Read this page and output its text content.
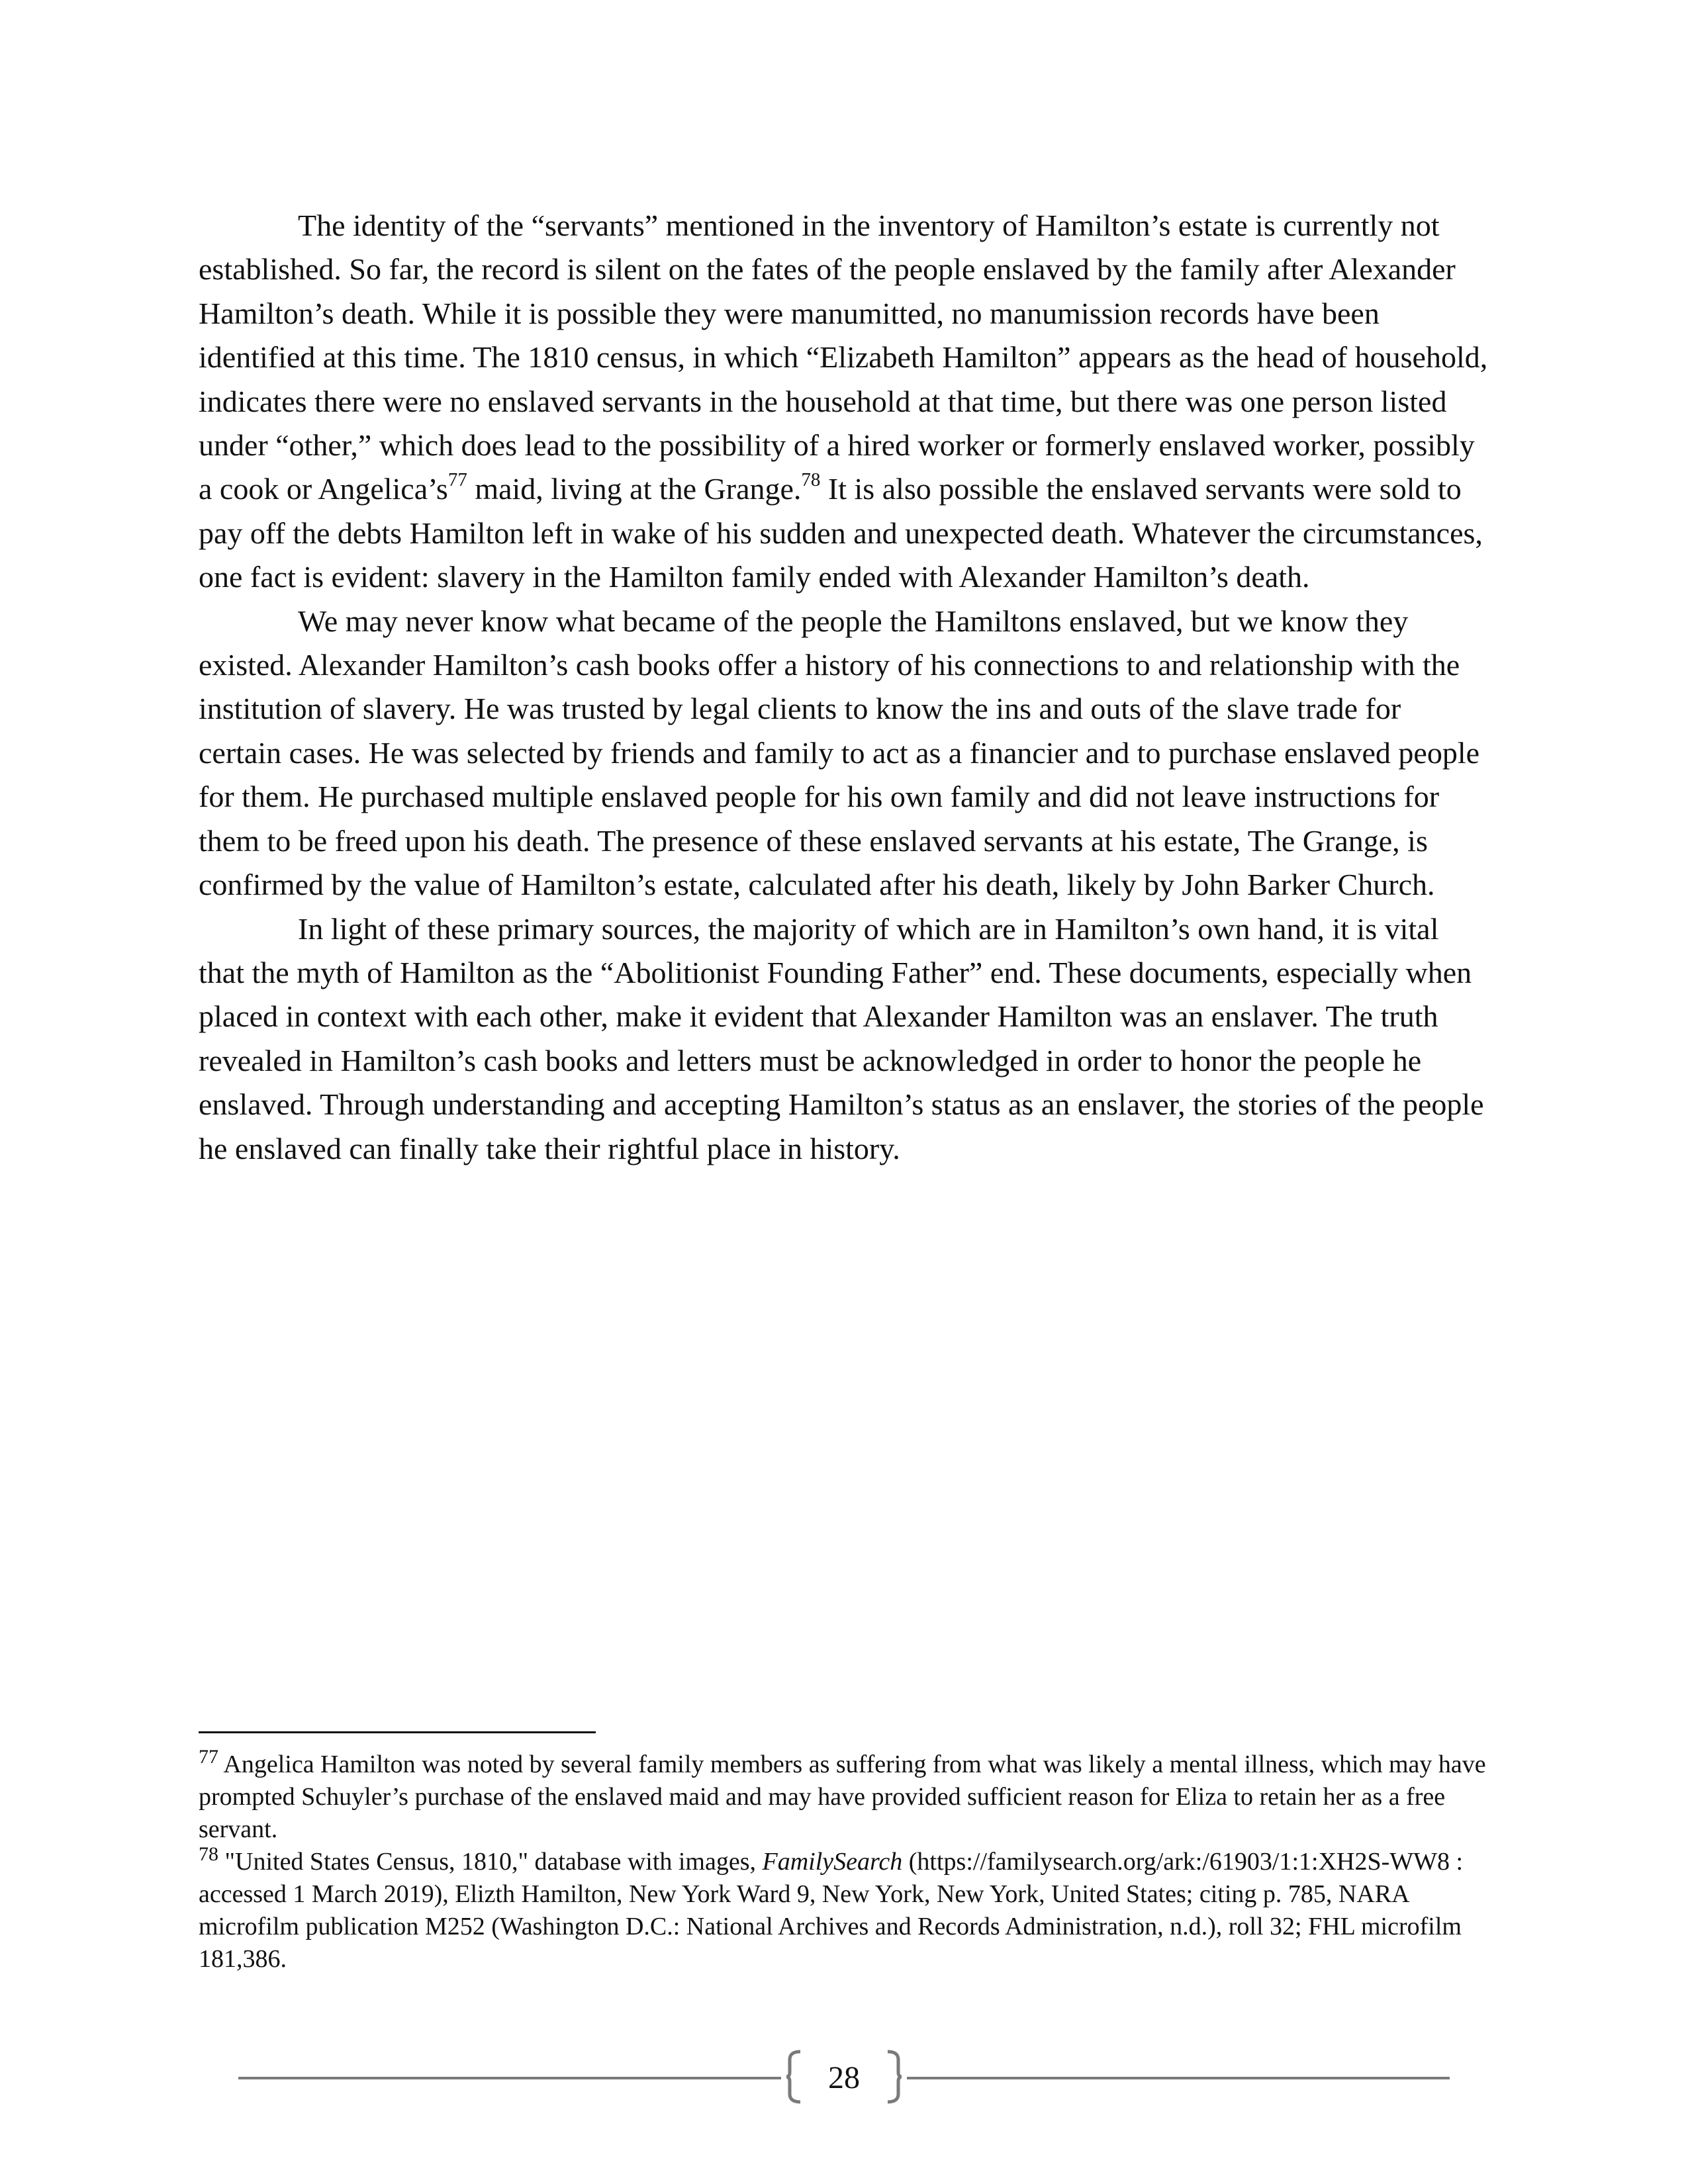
The identity of the “servants” mentioned in the inventory of Hamilton’s estate is currently not established. So far, the record is silent on the fates of the people enslaved by the family after Alexander Hamilton’s death. While it is possible they were manumitted, no manumission records have been identified at this time. The 1810 census, in which “Elizabeth Hamilton” appears as the head of household, indicates there were no enslaved servants in the household at that time, but there was one person listed under “other,” which does lead to the possibility of a hired worker or formerly enslaved worker, possibly a cook or Angelica’s$^{77}$ maid, living at the Grange.$^{78}$ It is also possible the enslaved servants were sold to pay off the debts Hamilton left in wake of his sudden and unexpected death. Whatever the circumstances, one fact is evident: slavery in the Hamilton family ended with Alexander Hamilton’s death.

We may never know what became of the people the Hamiltons enslaved, but we know they existed. Alexander Hamilton’s cash books offer a history of his connections to and relationship with the institution of slavery. He was trusted by legal clients to know the ins and outs of the slave trade for certain cases. He was selected by friends and family to act as a financier and to purchase enslaved people for them. He purchased multiple enslaved people for his own family and did not leave instructions for them to be freed upon his death. The presence of these enslaved servants at his estate, The Grange, is confirmed by the value of Hamilton’s estate, calculated after his death, likely by John Barker Church.

In light of these primary sources, the majority of which are in Hamilton’s own hand, it is vital that the myth of Hamilton as the “Abolitionist Founding Father” end. These documents, especially when placed in context with each other, make it evident that Alexander Hamilton was an enslaver. The truth revealed in Hamilton’s cash books and letters must be acknowledged in order to honor the people he enslaved. Through understanding and accepting Hamilton’s status as an enslaver, the stories of the people he enslaved can finally take their rightful place in history.

$^{77}$ Angelica Hamilton was noted by several family members as suffering from what was likely a mental illness, which may have prompted Schuyler’s purchase of the enslaved maid and may have provided sufficient reason for Eliza to retain her as a free servant.

$^{78}$ "United States Census, 1810," database with images, FamilySearch (https://familysearch.org/ark:/61903/1:1:XH2S-WW8 : accessed 1 March 2019), Elizth Hamilton, New York Ward 9, New York, New York, United States; citing p. 785, NARA microfilm publication M252 (Washington D.C.: National Archives and Records Administration, n.d.), roll 32; FHL microfilm 181,386.

28
